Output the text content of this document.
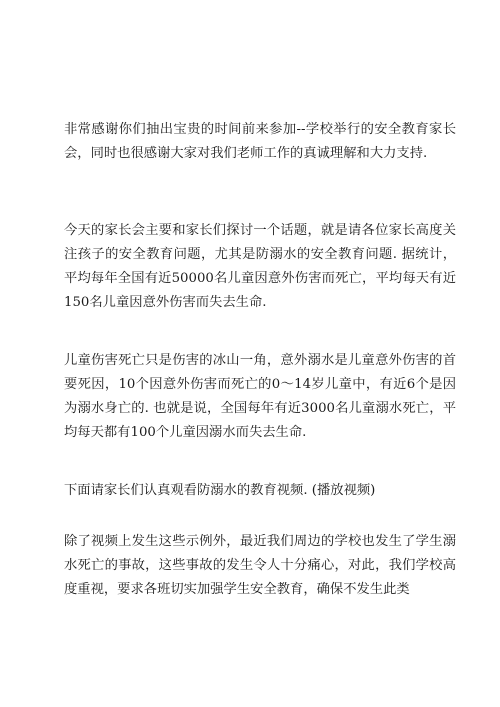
非常感谢你们抽出宝贵的时间前来参加--学校举行的安全教育家长会，同时也很感谢大家对我们老师工作的真诚理解和大力支持.

今天的家长会主要和家长们探讨一个话题，就是请各位家长高度关注孩子的安全教育问题，尤其是防溺水的安全教育问题. 据统计，平均每年全国有近50000名儿童因意外伤害而死亡，平均每天有近150名儿童因意外伤害而失去生命.

儿童伤害死亡只是伤害的冰山一角，意外溺水是儿童意外伤害的首要死因，10个因意外伤害而死亡的0～14岁儿童中，有近6个是因为溺水身亡的. 也就是说，全国每年有近3000名儿童溺水死亡，平均每天都有100个儿童因溺水而失去生命.

下面请家长们认真观看防溺水的教育视频. (播放视频)

除了视频上发生这些示例外，最近我们周边的学校也发生了学生溺水死亡的事故，这些事故的发生令人十分痛心，对此，我们学校高度重视，要求各班切实加强学生安全教育，确保不发生此类
